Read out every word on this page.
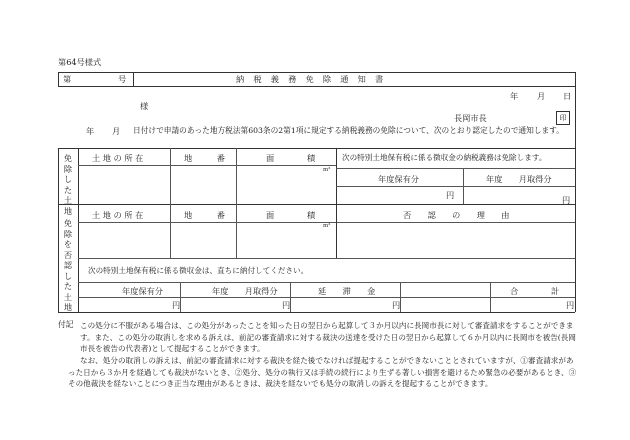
第64号様式
第	号	納　税　義　務　免　除　通　知　書
年 月 日
様
長岡市長	印
年 月 日付けで申請のあった地方税法第603条の2第1項に規定する納税義務の免除について、次のとおり認定したので通知します。
免除した土地
土 地 の 所 在	地　　　番	面　　　　積
m²
次の特別土地保有税に係る徴収金の納税義務は免除します。
年度保有分	年度　　月取得分
円	円
免除を否認した土地
土 地 の 所 在	地　　　番	面　　　　積	否　　認　　の　　理　　由
m²
次の特別土地保有税に係る徴収金は、直ちに納付してください。
年度保有分	年度　　月取得分	延　　滞　　金	合　　　　計
円	円	円	円
付記 この処分に不服がある場合は、この処分があったことを知った日の翌日から起算して３か月以内に長岡市長に対して審査請求をすることができます。また、この処分の取消しを求める訴えは、前記の審査請求に対する裁決の送達を受けた日の翌日から起算して６か月以内に長岡市を被告(長岡市長を被告の代表者)として提起することができます。
なお、処分の取消しの訴えは、前記の審査請求に対する裁決を経た後でなければ提起することができないこととされていますが、①審査請求があった日から３か月を経過しても裁決がないとき、②処分、処分の執行又は手続の続行により生ずる著しい損害を避けるため緊急の必要があるとき、③その他裁決を経ないことにつき正当な理由があるときは、裁決を経ないでも処分の取消しの訴えを提起することができます。
